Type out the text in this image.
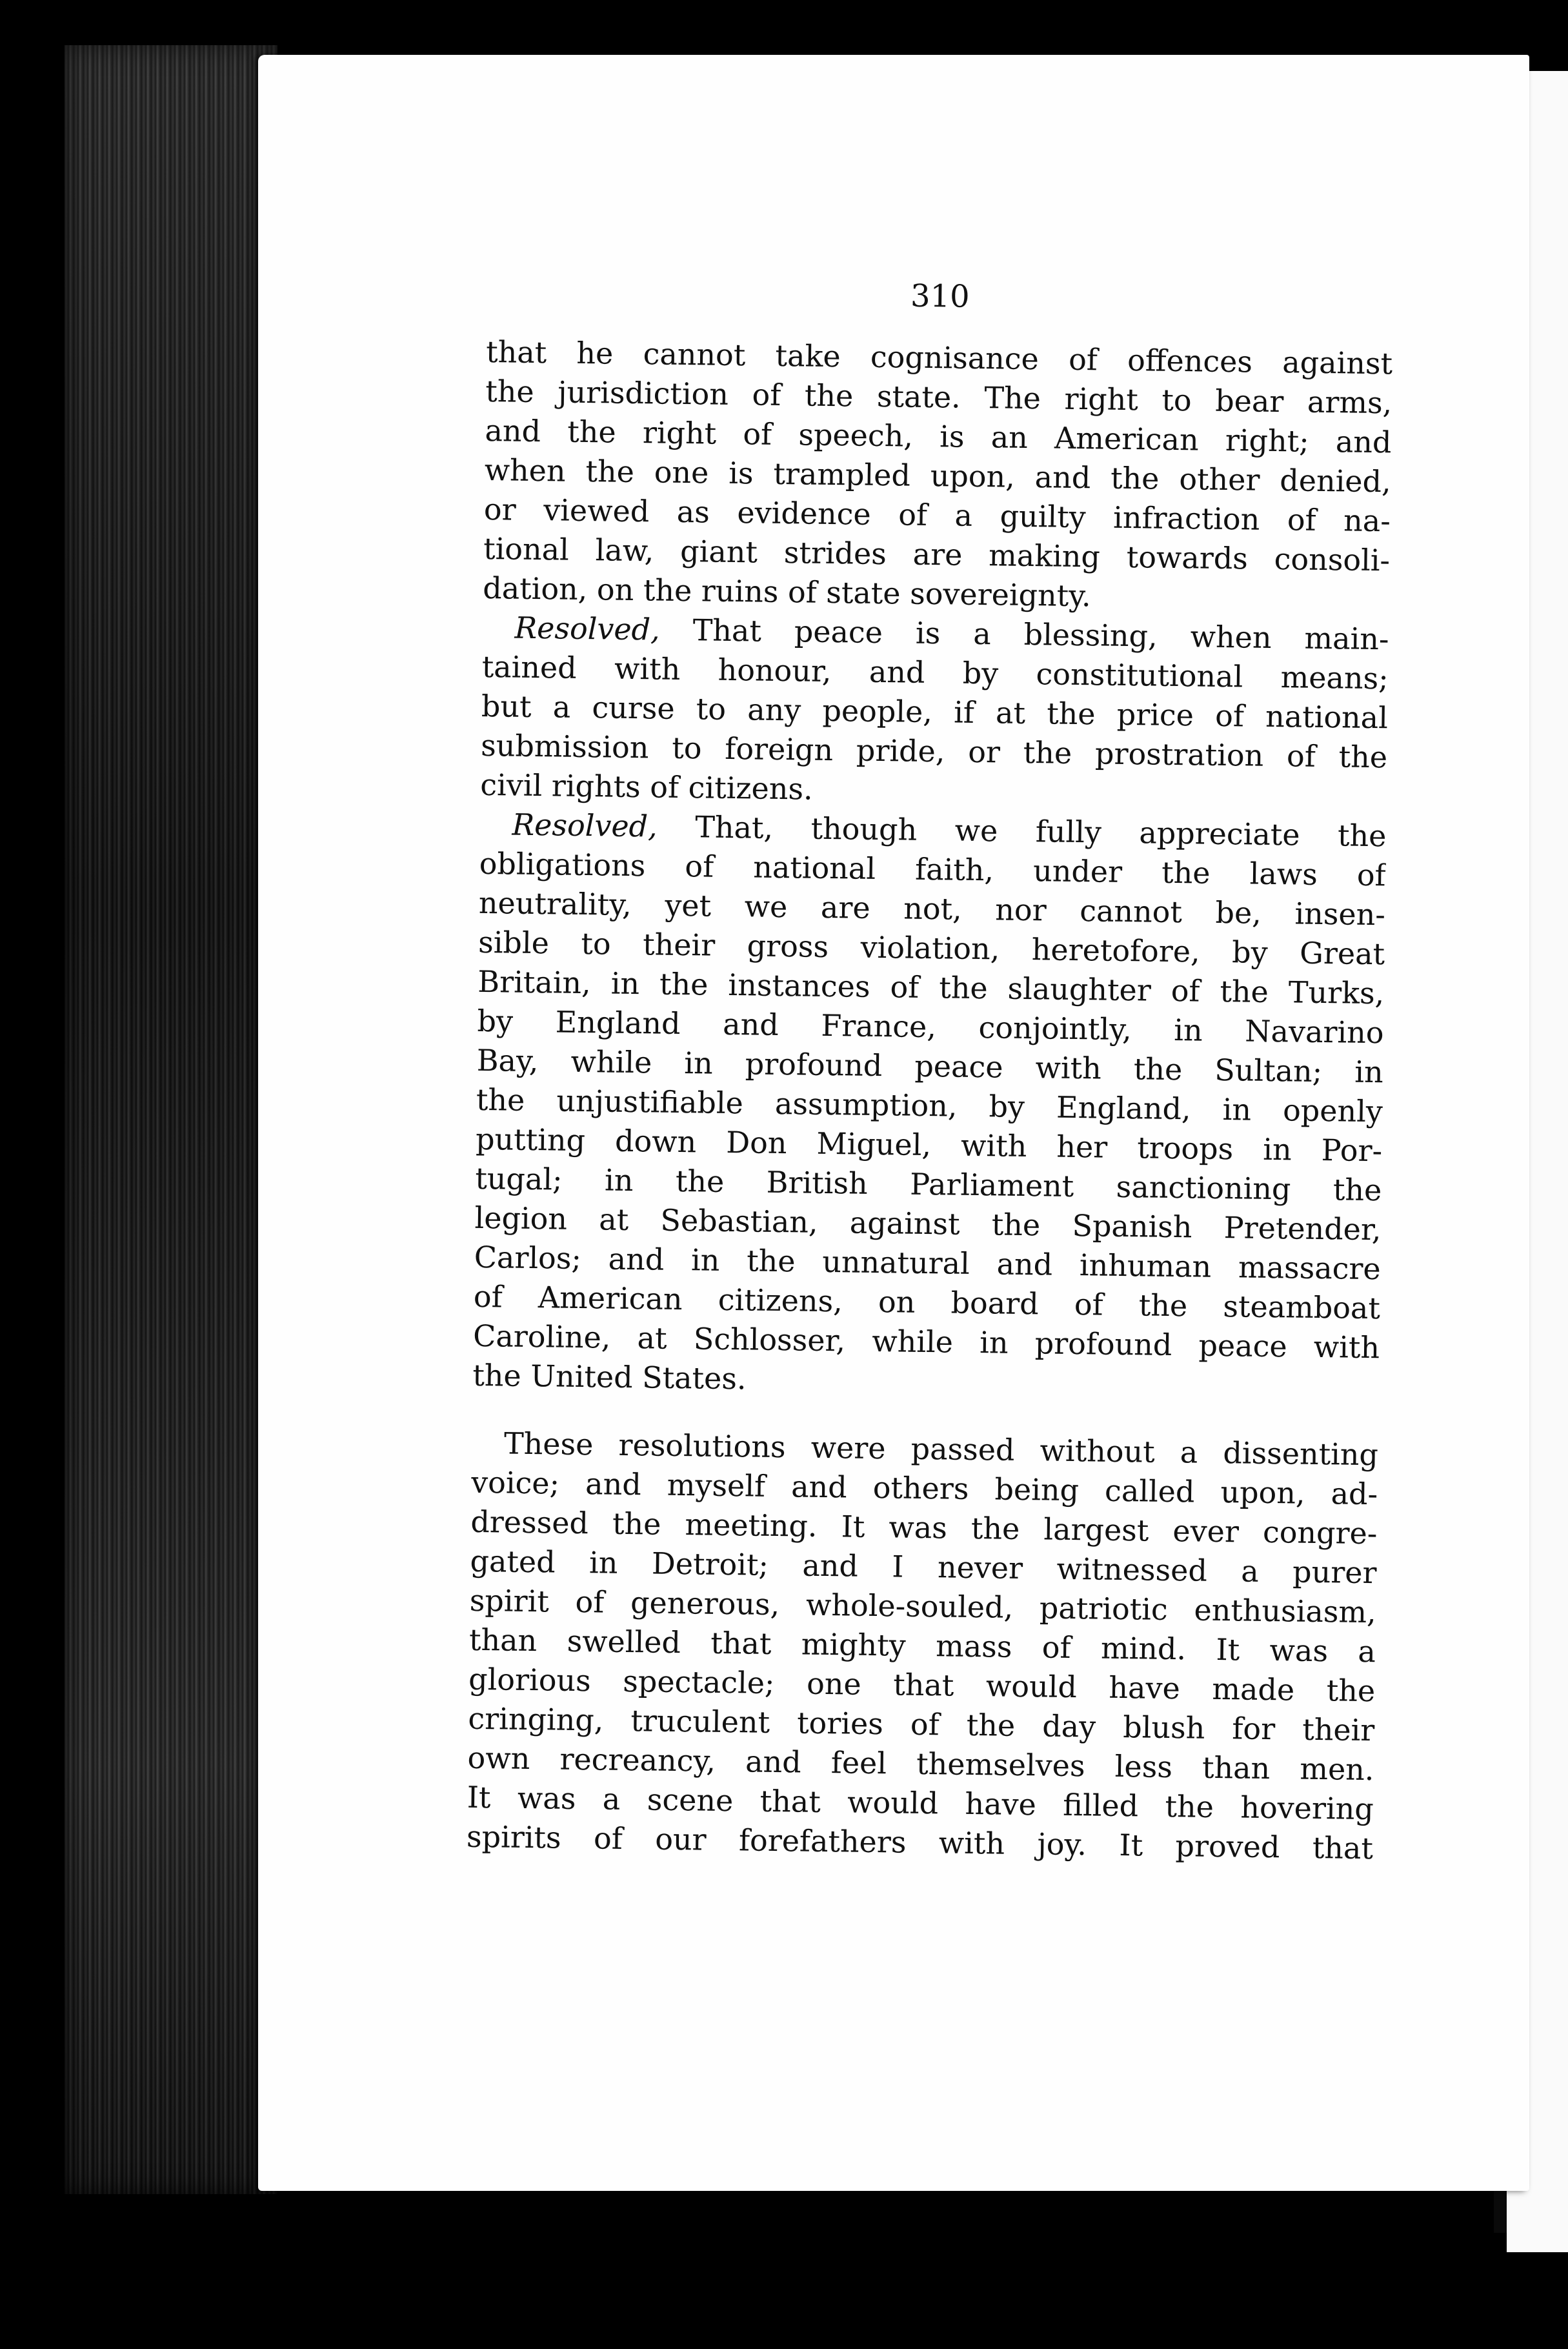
310
that he cannot take cognisance of offences against
the jurisdiction of the state. The right to bear arms,
and the right of speech, is an American right; and
when the one is trampled upon, and the other denied,
or viewed as evidence of a guilty infraction of na-
tional law, giant strides are making towards consoli-
dation, on the ruins of state sovereignty.
Resolved, That peace is a blessing, when main-
tained with honour, and by constitutional means;
but a curse to any people, if at the price of national
submission to foreign pride, or the prostration of the
civil rights of citizens.
Resolved, That, though we fully appreciate the
obligations of national faith, under the laws of
neutrality, yet we are not, nor cannot be, insen-
sible to their gross violation, heretofore, by Great
Britain, in the instances of the slaughter of the Turks,
by England and France, conjointly, in Navarino
Bay, while in profound peace with the Sultan; in
the unjustifiable assumption, by England, in openly
putting down Don Miguel, with her troops in Por-
tugal; in the British Parliament sanctioning the
legion at Sebastian, against the Spanish Pretender,
Carlos; and in the unnatural and inhuman massacre
of American citizens, on board of the steamboat
Caroline, at Schlosser, while in profound peace with
the United States.
These resolutions were passed without a dissenting
voice; and myself and others being called upon, ad-
dressed the meeting. It was the largest ever congre-
gated in Detroit; and I never witnessed a purer
spirit of generous, whole-souled, patriotic enthusiasm,
than swelled that mighty mass of mind. It was a
glorious spectacle; one that would have made the
cringing, truculent tories of the day blush for their
own recreancy, and feel themselves less than men.
It was a scene that would have filled the hovering
spirits of our forefathers with joy. It proved that
